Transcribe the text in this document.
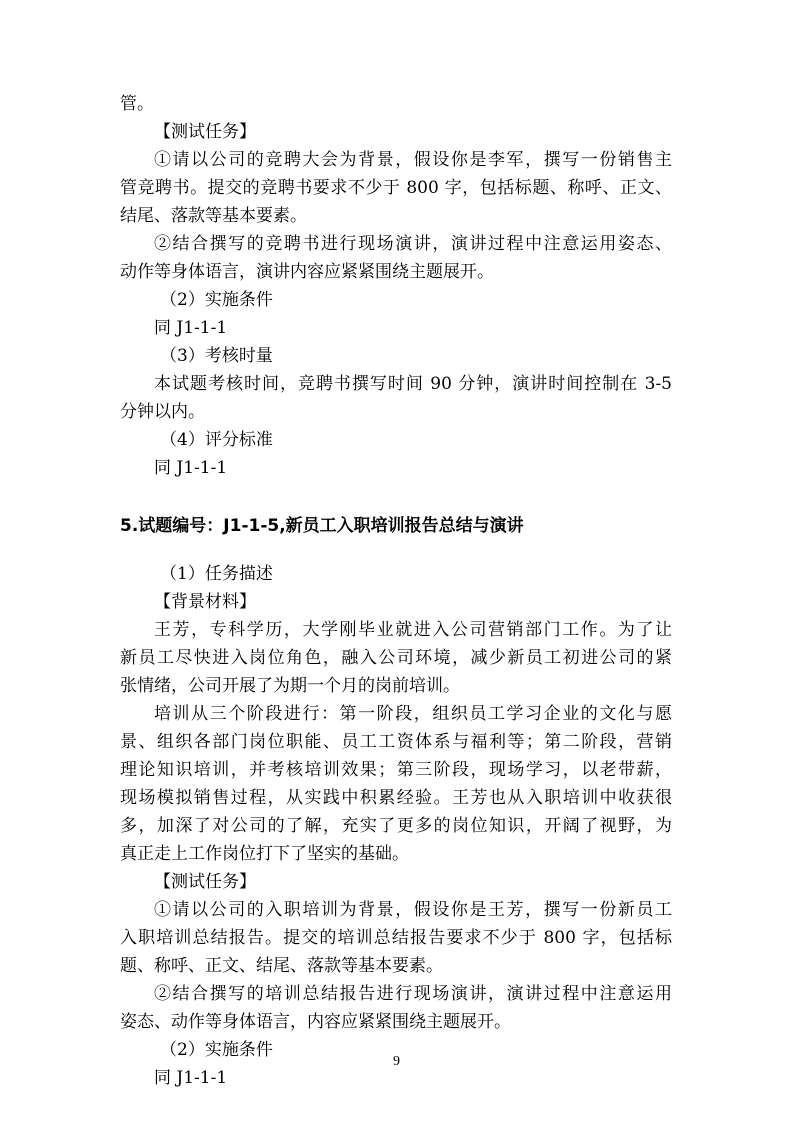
管。
【测试任务】
①请以公司的竞聘大会为背景，假设你是李军，撰写一份销售主
管竞聘书。提交的竞聘书要求不少于 800 字，包括标题、称呼、正文、
结尾、落款等基本要素。
②结合撰写的竞聘书进行现场演讲，演讲过程中注意运用姿态、
动作等身体语言，演讲内容应紧紧围绕主题展开。
（2）实施条件
同 J1-1-1
（3）考核时量
本试题考核时间，竞聘书撰写时间 90 分钟，演讲时间控制在 3-5
分钟以内。
（4）评分标准
同 J1-1-1
5.试题编号：J1-1-5,新员工入职培训报告总结与演讲
（1）任务描述
【背景材料】
王芳，专科学历，大学刚毕业就进入公司营销部门工作。为了让
新员工尽快进入岗位角色，融入公司环境，减少新员工初进公司的紧
张情绪，公司开展了为期一个月的岗前培训。
培训从三个阶段进行：第一阶段，组织员工学习企业的文化与愿
景、组织各部门岗位职能、员工工资体系与福利等；第二阶段，营销
理论知识培训，并考核培训效果；第三阶段，现场学习，以老带薪，
现场模拟销售过程，从实践中积累经验。王芳也从入职培训中收获很
多，加深了对公司的了解，充实了更多的岗位知识，开阔了视野，为
真正走上工作岗位打下了坚实的基础。
【测试任务】
①请以公司的入职培训为背景，假设你是王芳，撰写一份新员工
入职培训总结报告。提交的培训总结报告要求不少于 800 字，包括标
题、称呼、正文、结尾、落款等基本要素。
②结合撰写的培训总结报告进行现场演讲，演讲过程中注意运用
姿态、动作等身体语言，内容应紧紧围绕主题展开。
（2）实施条件
同 J1-1-1
9
